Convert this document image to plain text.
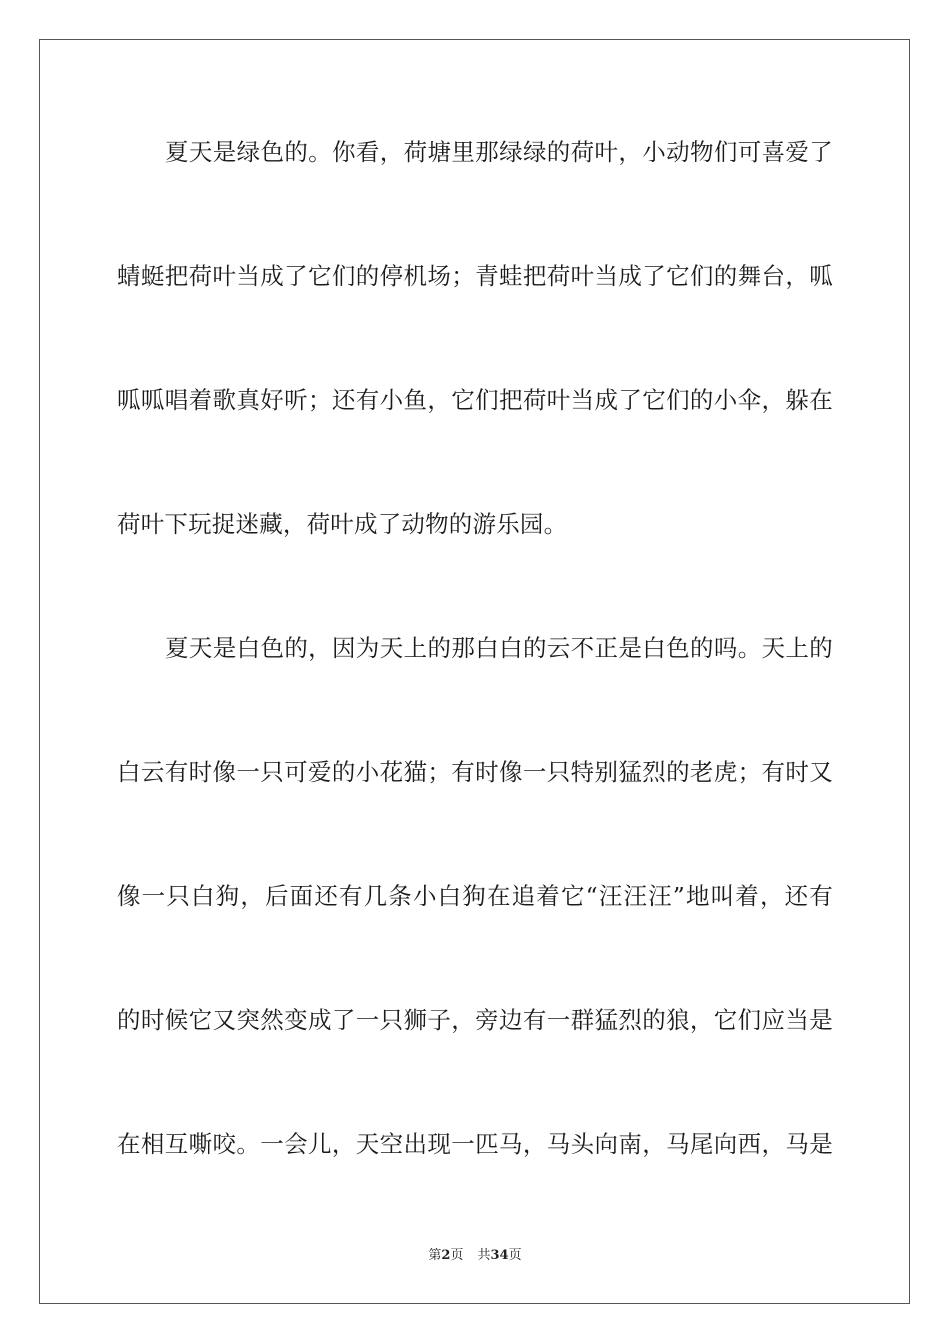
夏天是绿色的。你看，荷塘里那绿绿的荷叶，小动物们可喜爱了
蜻蜓把荷叶当成了它们的停机场；青蛙把荷叶当成了它们的舞台，呱
呱呱唱着歌真好听；还有小鱼，它们把荷叶当成了它们的小伞，躲在
荷叶下玩捉迷藏，荷叶成了动物的游乐园。
夏天是白色的，因为天上的那白白的云不正是白色的吗。天上的
白云有时像一只可爱的小花猫；有时像一只特别猛烈的老虎；有时又
像一只白狗，后面还有几条小白狗在追着它“汪汪汪”地叫着，还有
的时候它又突然变成了一只狮子，旁边有一群猛烈的狼，它们应当是
在相互嘶咬。一会儿，天空出现一匹马，马头向南，马尾向西，马是
第2页 共34页
